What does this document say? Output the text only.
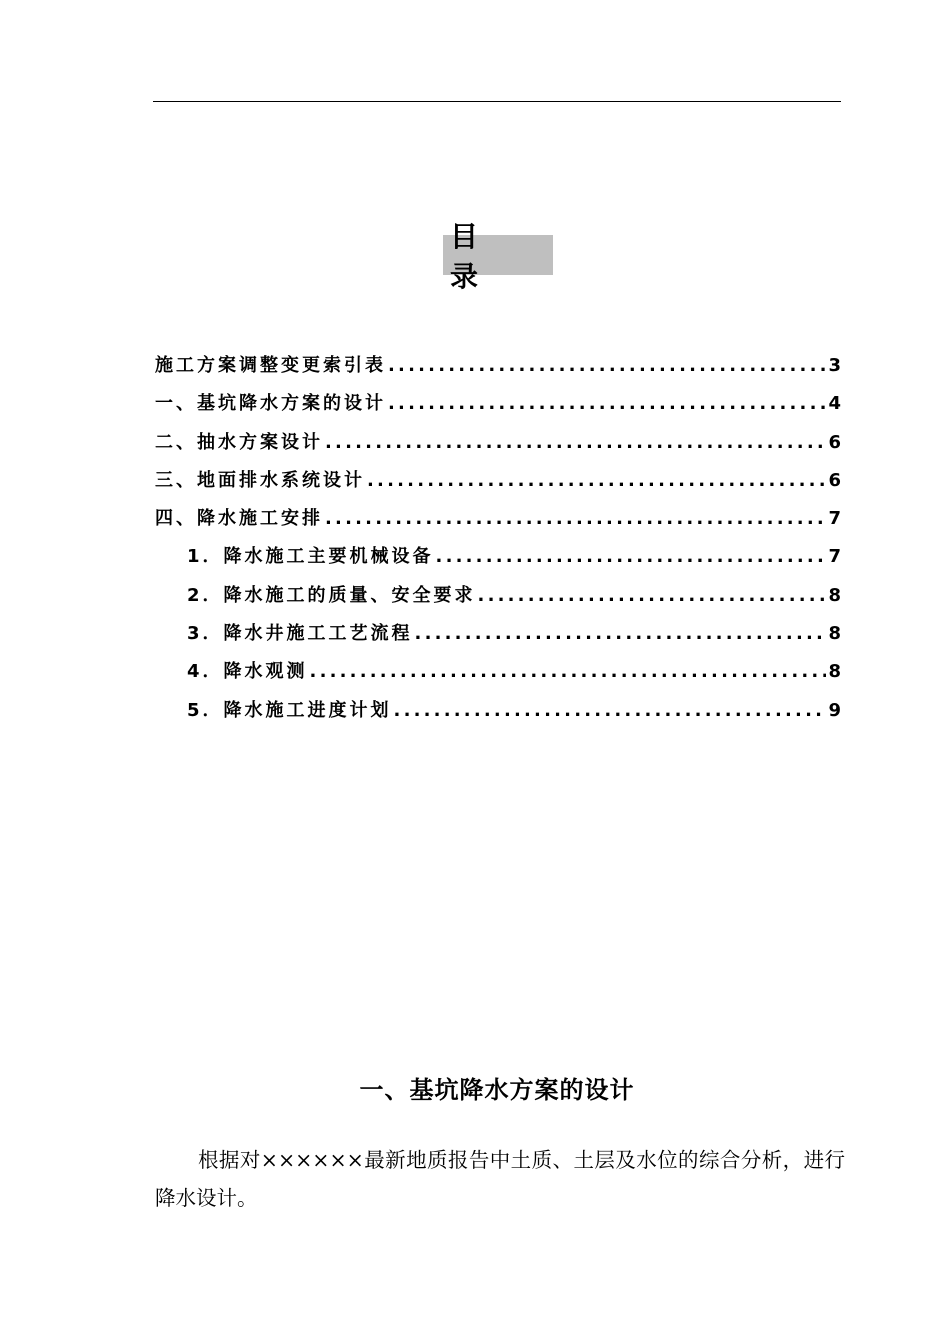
目　录
施工方案调整变更索引表 .....	3
一、基坑降水方案的设计 .....	4
二、抽水方案设计 .....	6
三、地面排水系统设计 .....	6
四、降水施工安排 .....	7
1．降水施工主要机械设备 .....	7
2．降水施工的质量、安全要求 .....	8
3．降水井施工工艺流程 .....	8
4．降水观测 .....	8
5．降水施工进度计划 .....	9
一、基坑降水方案的设计

根据对××××××最新地质报告中土质、土层及水位的综合分析，进行降水设计。
